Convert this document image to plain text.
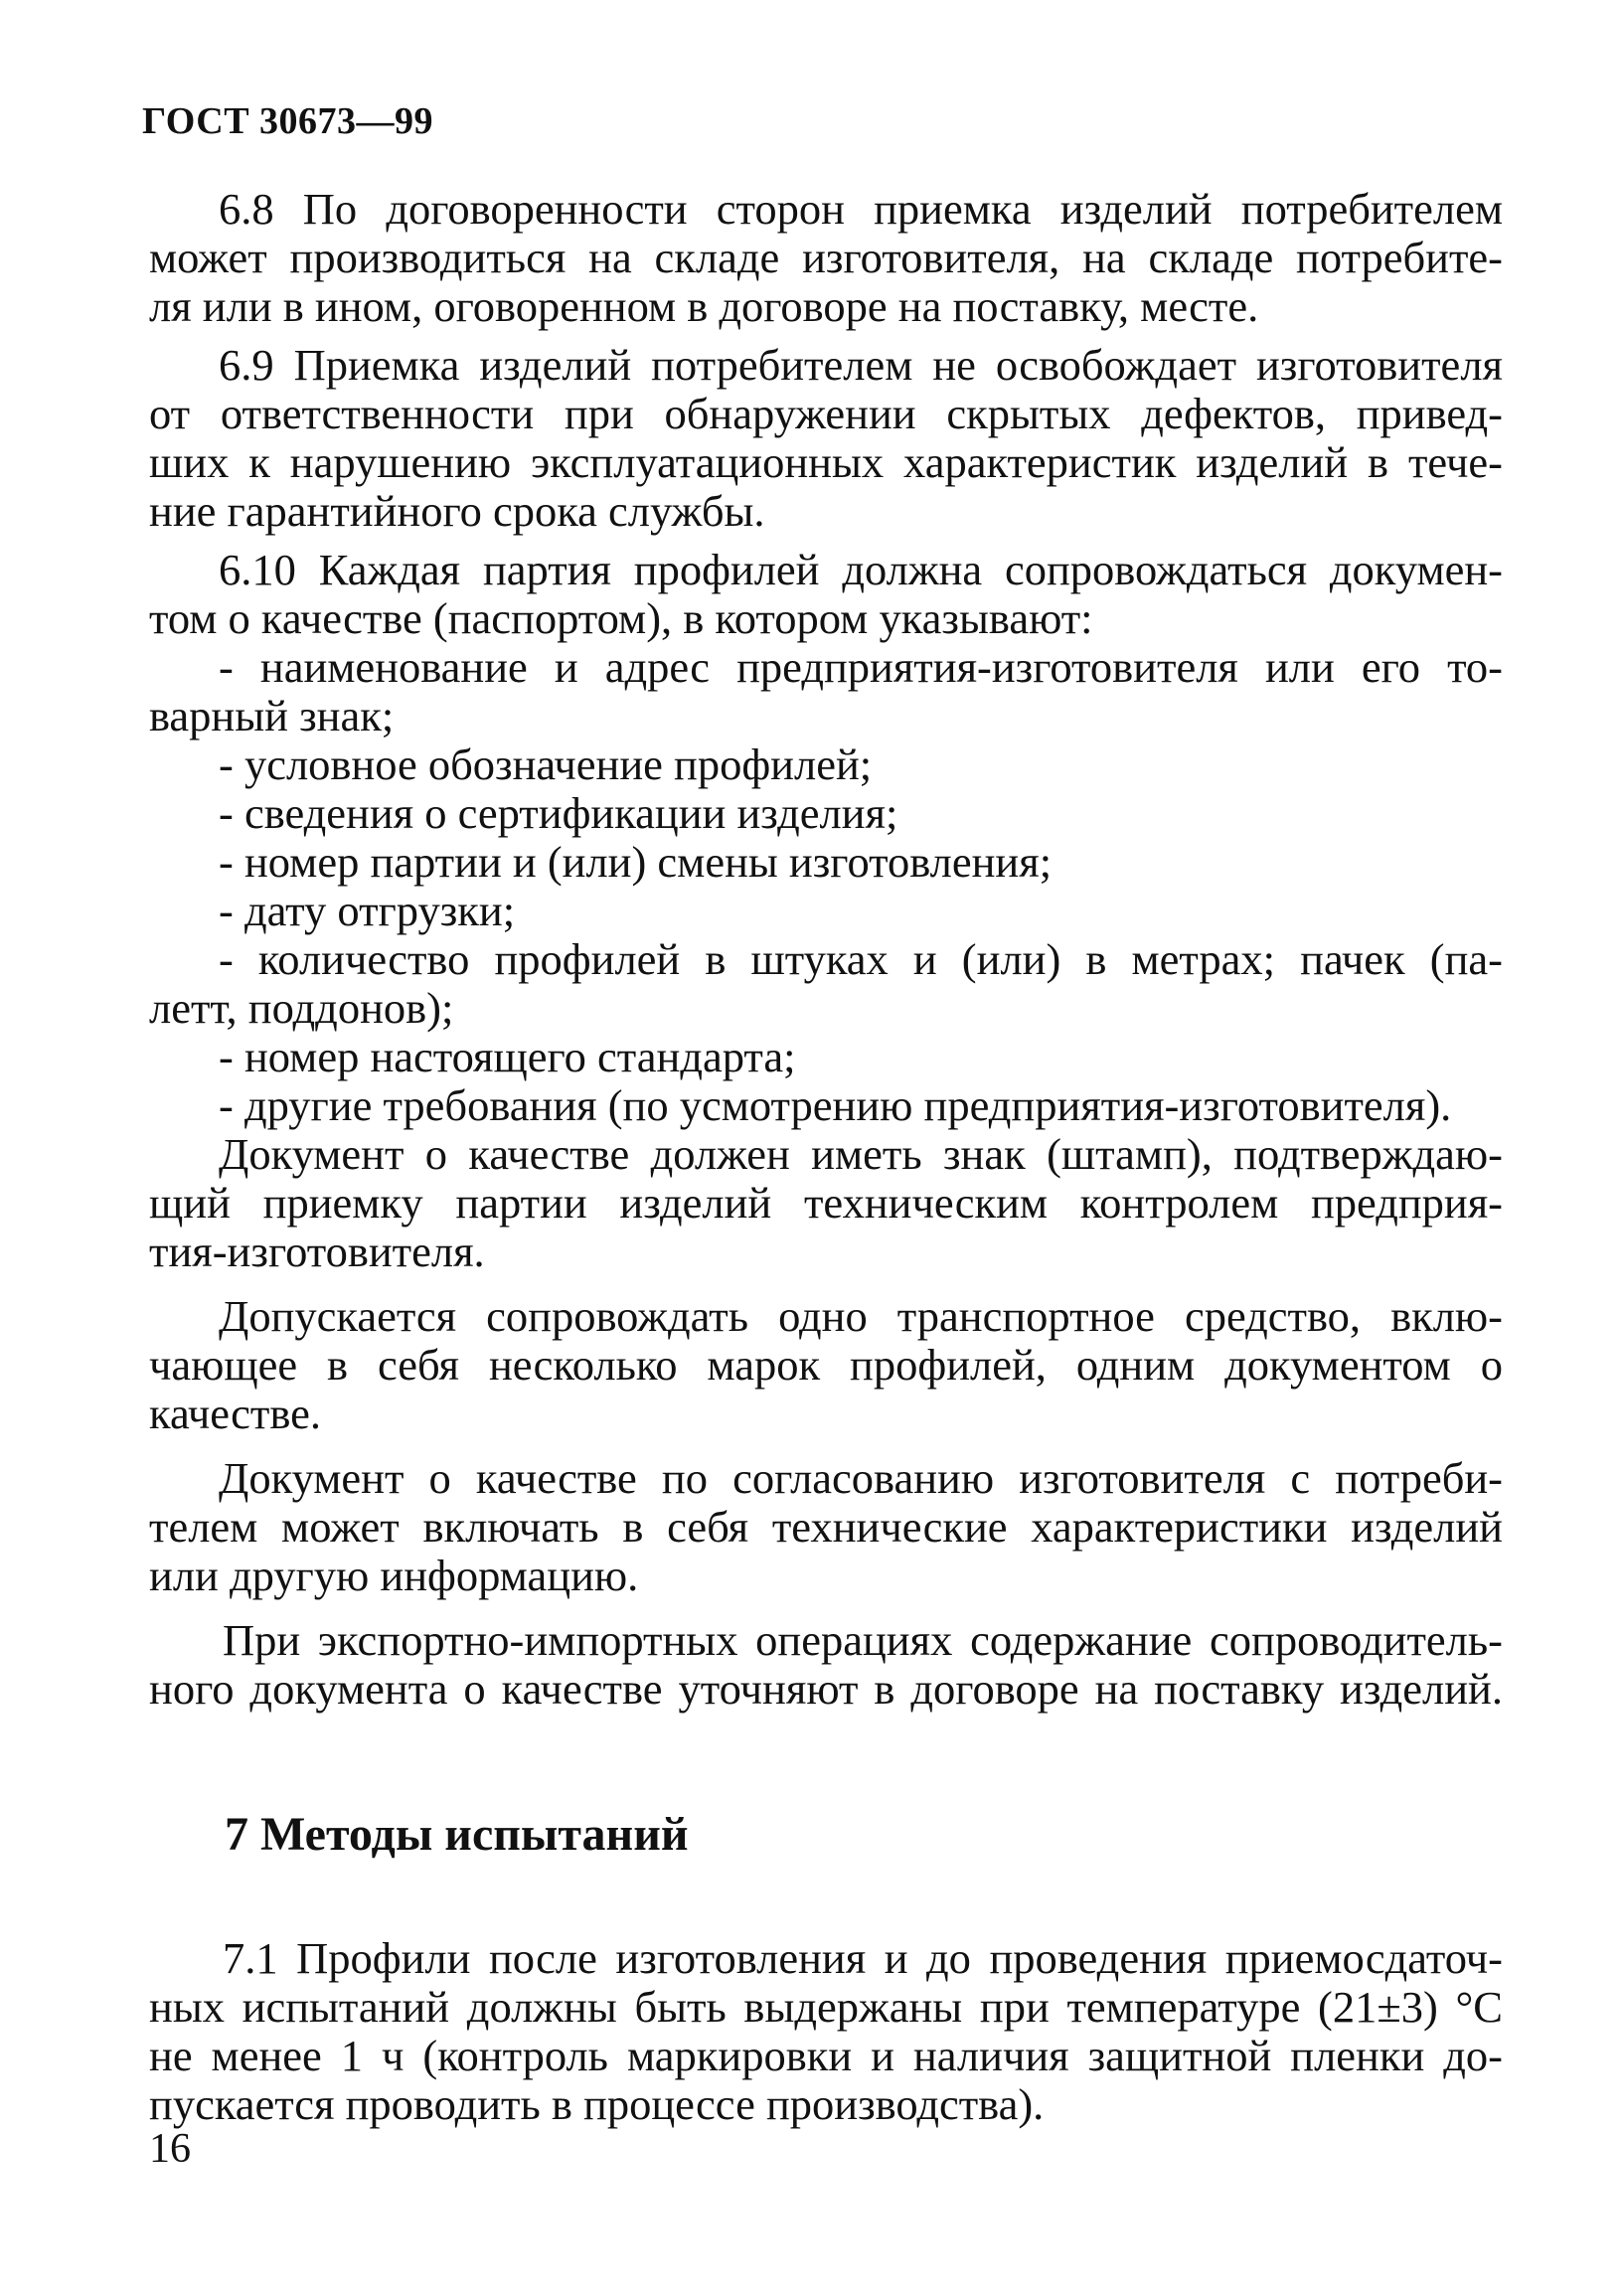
ГОСТ 30673—99

6.8 По договоренности сторон приемка изделий потребителем
может производиться на складе изготовителя, на складе потребите-
ля или в ином, оговоренном в договоре на поставку, месте.
6.9 Приемка изделий потребителем не освобождает изготовителя
от ответственности при обнаружении скрытых дефектов, привед-
ших к нарушению эксплуатационных характеристик изделий в тече-
ние гарантийного срока службы.
6.10 Каждая партия профилей должна сопровождаться докумен-
том о качестве (паспортом), в котором указывают:
- наименование и адрес предприятия-изготовителя или его то-
варный знак;
- условное обозначение профилей;
- сведения о сертификации изделия;
- номер партии и (или) смены изготовления;
- дату отгрузки;
- количество профилей в штуках и (или) в метрах; пачек (па-
летт, поддонов);
- номер настоящего стандарта;
- другие требования (по усмотрению предприятия-изготовителя).
Документ о качестве должен иметь знак (штамп), подтверждаю-
щий приемку партии изделий техническим контролем предприя-
тия-изготовителя.
Допускается сопровождать одно транспортное средство, вклю-
чающее в себя несколько марок профилей, одним документом о
качестве.
Документ о качестве по согласованию изготовителя с потреби-
телем может включать в себя технические характеристики изделий
или другую информацию.
При экспортно-импортных операциях содержание сопроводитель-
ного документа о качестве уточняют в договоре на поставку изделий.
7 Методы испытаний
7.1 Профили после изготовления и до проведения приемосдаточ-
ных испытаний должны быть выдержаны при температуре (21±3) °С
не менее 1 ч (контроль маркировки и наличия защитной пленки до-
пускается проводить в процессе производства).

16
